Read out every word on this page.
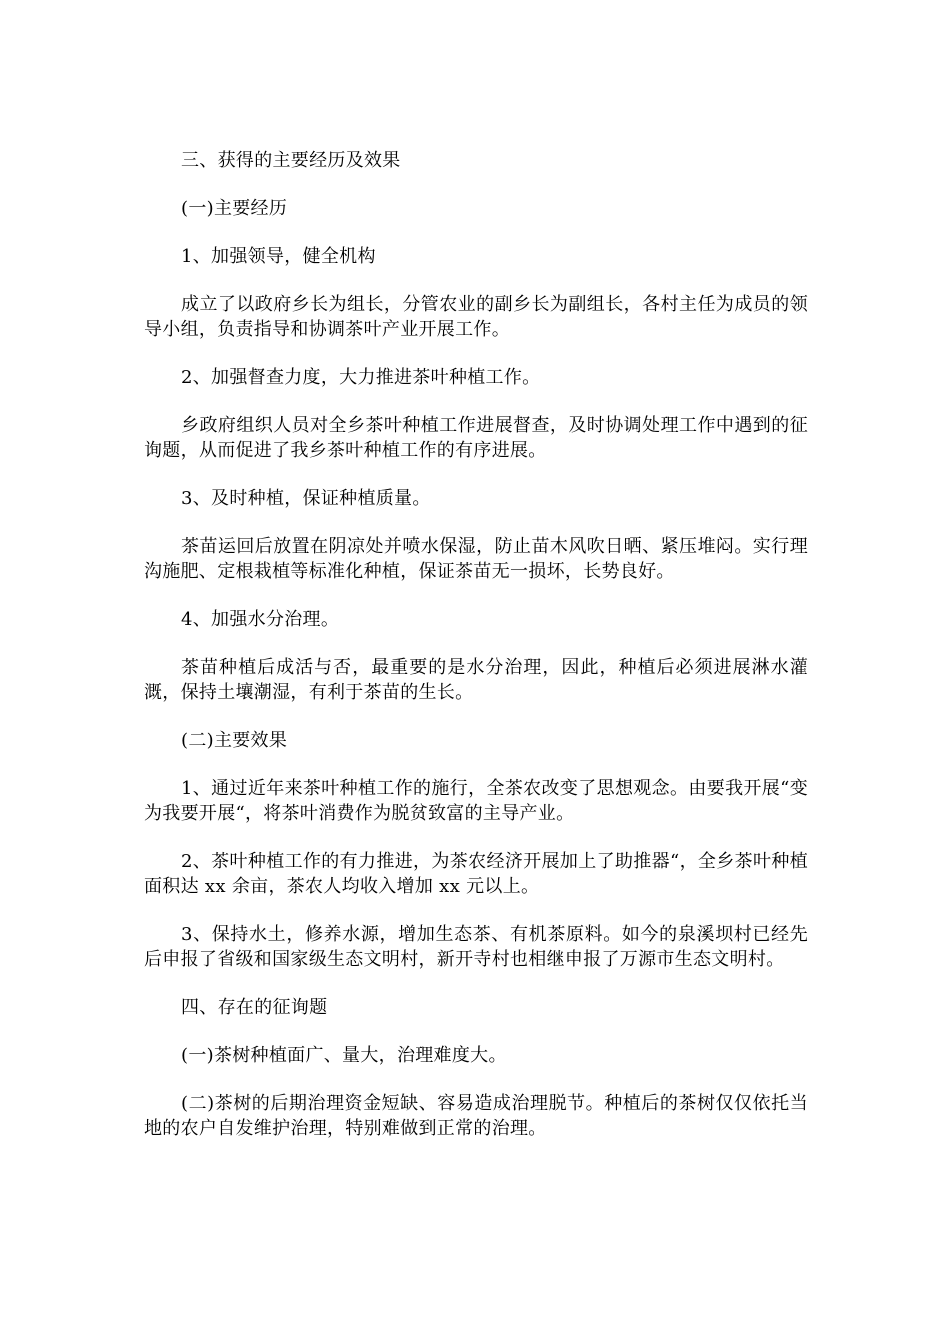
三、获得的主要经历及效果

(一)主要经历

1、加强领导，健全机构

成立了以政府乡长为组长，分管农业的副乡长为副组长，各村主任为成员的领导小组，负责指导和协调茶叶产业开展工作。

2、加强督查力度，大力推进茶叶种植工作。

乡政府组织人员对全乡茶叶种植工作进展督查，及时协调处理工作中遇到的征询题，从而促进了我乡茶叶种植工作的有序进展。

3、及时种植，保证种植质量。

茶苗运回后放置在阴凉处并喷水保湿，防止苗木风吹日晒、紧压堆闷。实行理沟施肥、定根栽植等标准化种植，保证茶苗无一损坏，长势良好。

4、加强水分治理。

茶苗种植后成活与否，最重要的是水分治理，因此，种植后必须进展淋水灌溉，保持土壤潮湿，有利于茶苗的生长。

(二)主要效果

1、通过近年来茶叶种植工作的施行，全茶农改变了思想观念。由要我开展“变为我要开展“，将茶叶消费作为脱贫致富的主导产业。

2、茶叶种植工作的有力推进，为茶农经济开展加上了助推器“，全乡茶叶种植面积达 xx 余亩，茶农人均收入增加 xx 元以上。

3、保持水土，修养水源，增加生态茶、有机茶原料。如今的泉溪坝村已经先后申报了省级和国家级生态文明村，新开寺村也相继申报了万源市生态文明村。

四、存在的征询题

(一)茶树种植面广、量大，治理难度大。

(二)茶树的后期治理资金短缺、容易造成治理脱节。种植后的茶树仅仅依托当地的农户自发维护治理，特别难做到正常的治理。
